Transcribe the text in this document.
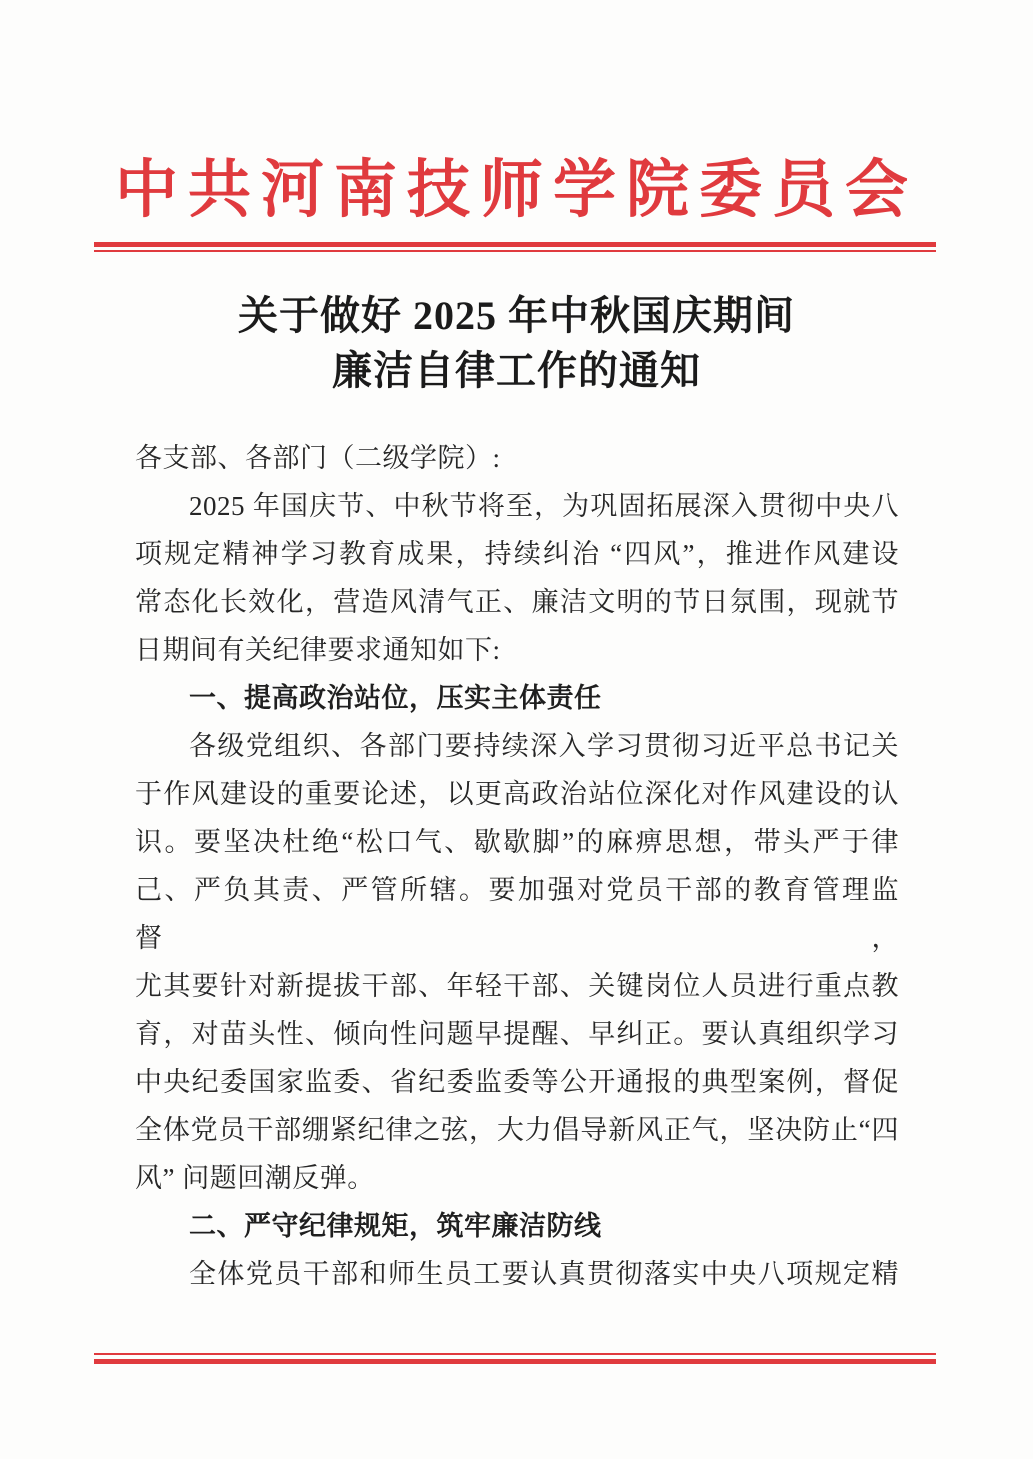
中共河南技师学院委员会
关于做好 2025 年中秋国庆期间
廉洁自律工作的通知
各支部、各部门（二级学院）:
2025 年国庆节、中秋节将至，为巩固拓展深入贯彻中央八
项规定精神学习教育成果，持续纠治 “四风”，推进作风建设
常态化长效化，营造风清气正、廉洁文明的节日氛围，现就节
日期间有关纪律要求通知如下:
一、提高政治站位，压实主体责任
各级党组织、各部门要持续深入学习贯彻习近平总书记关
于作风建设的重要论述，以更高政治站位深化对作风建设的认
识。要坚决杜绝“松口气、歇歇脚”的麻痹思想，带头严于律
己、严负其责、严管所辖。要加强对党员干部的教育管理监督，
尤其要针对新提拔干部、年轻干部、关键岗位人员进行重点教
育，对苗头性、倾向性问题早提醒、早纠正。要认真组织学习
中央纪委国家监委、省纪委监委等公开通报的典型案例，督促
全体党员干部绷紧纪律之弦，大力倡导新风正气，坚决防止“四
风” 问题回潮反弹。
二、严守纪律规矩，筑牢廉洁防线
全体党员干部和师生员工要认真贯彻落实中央八项规定精
